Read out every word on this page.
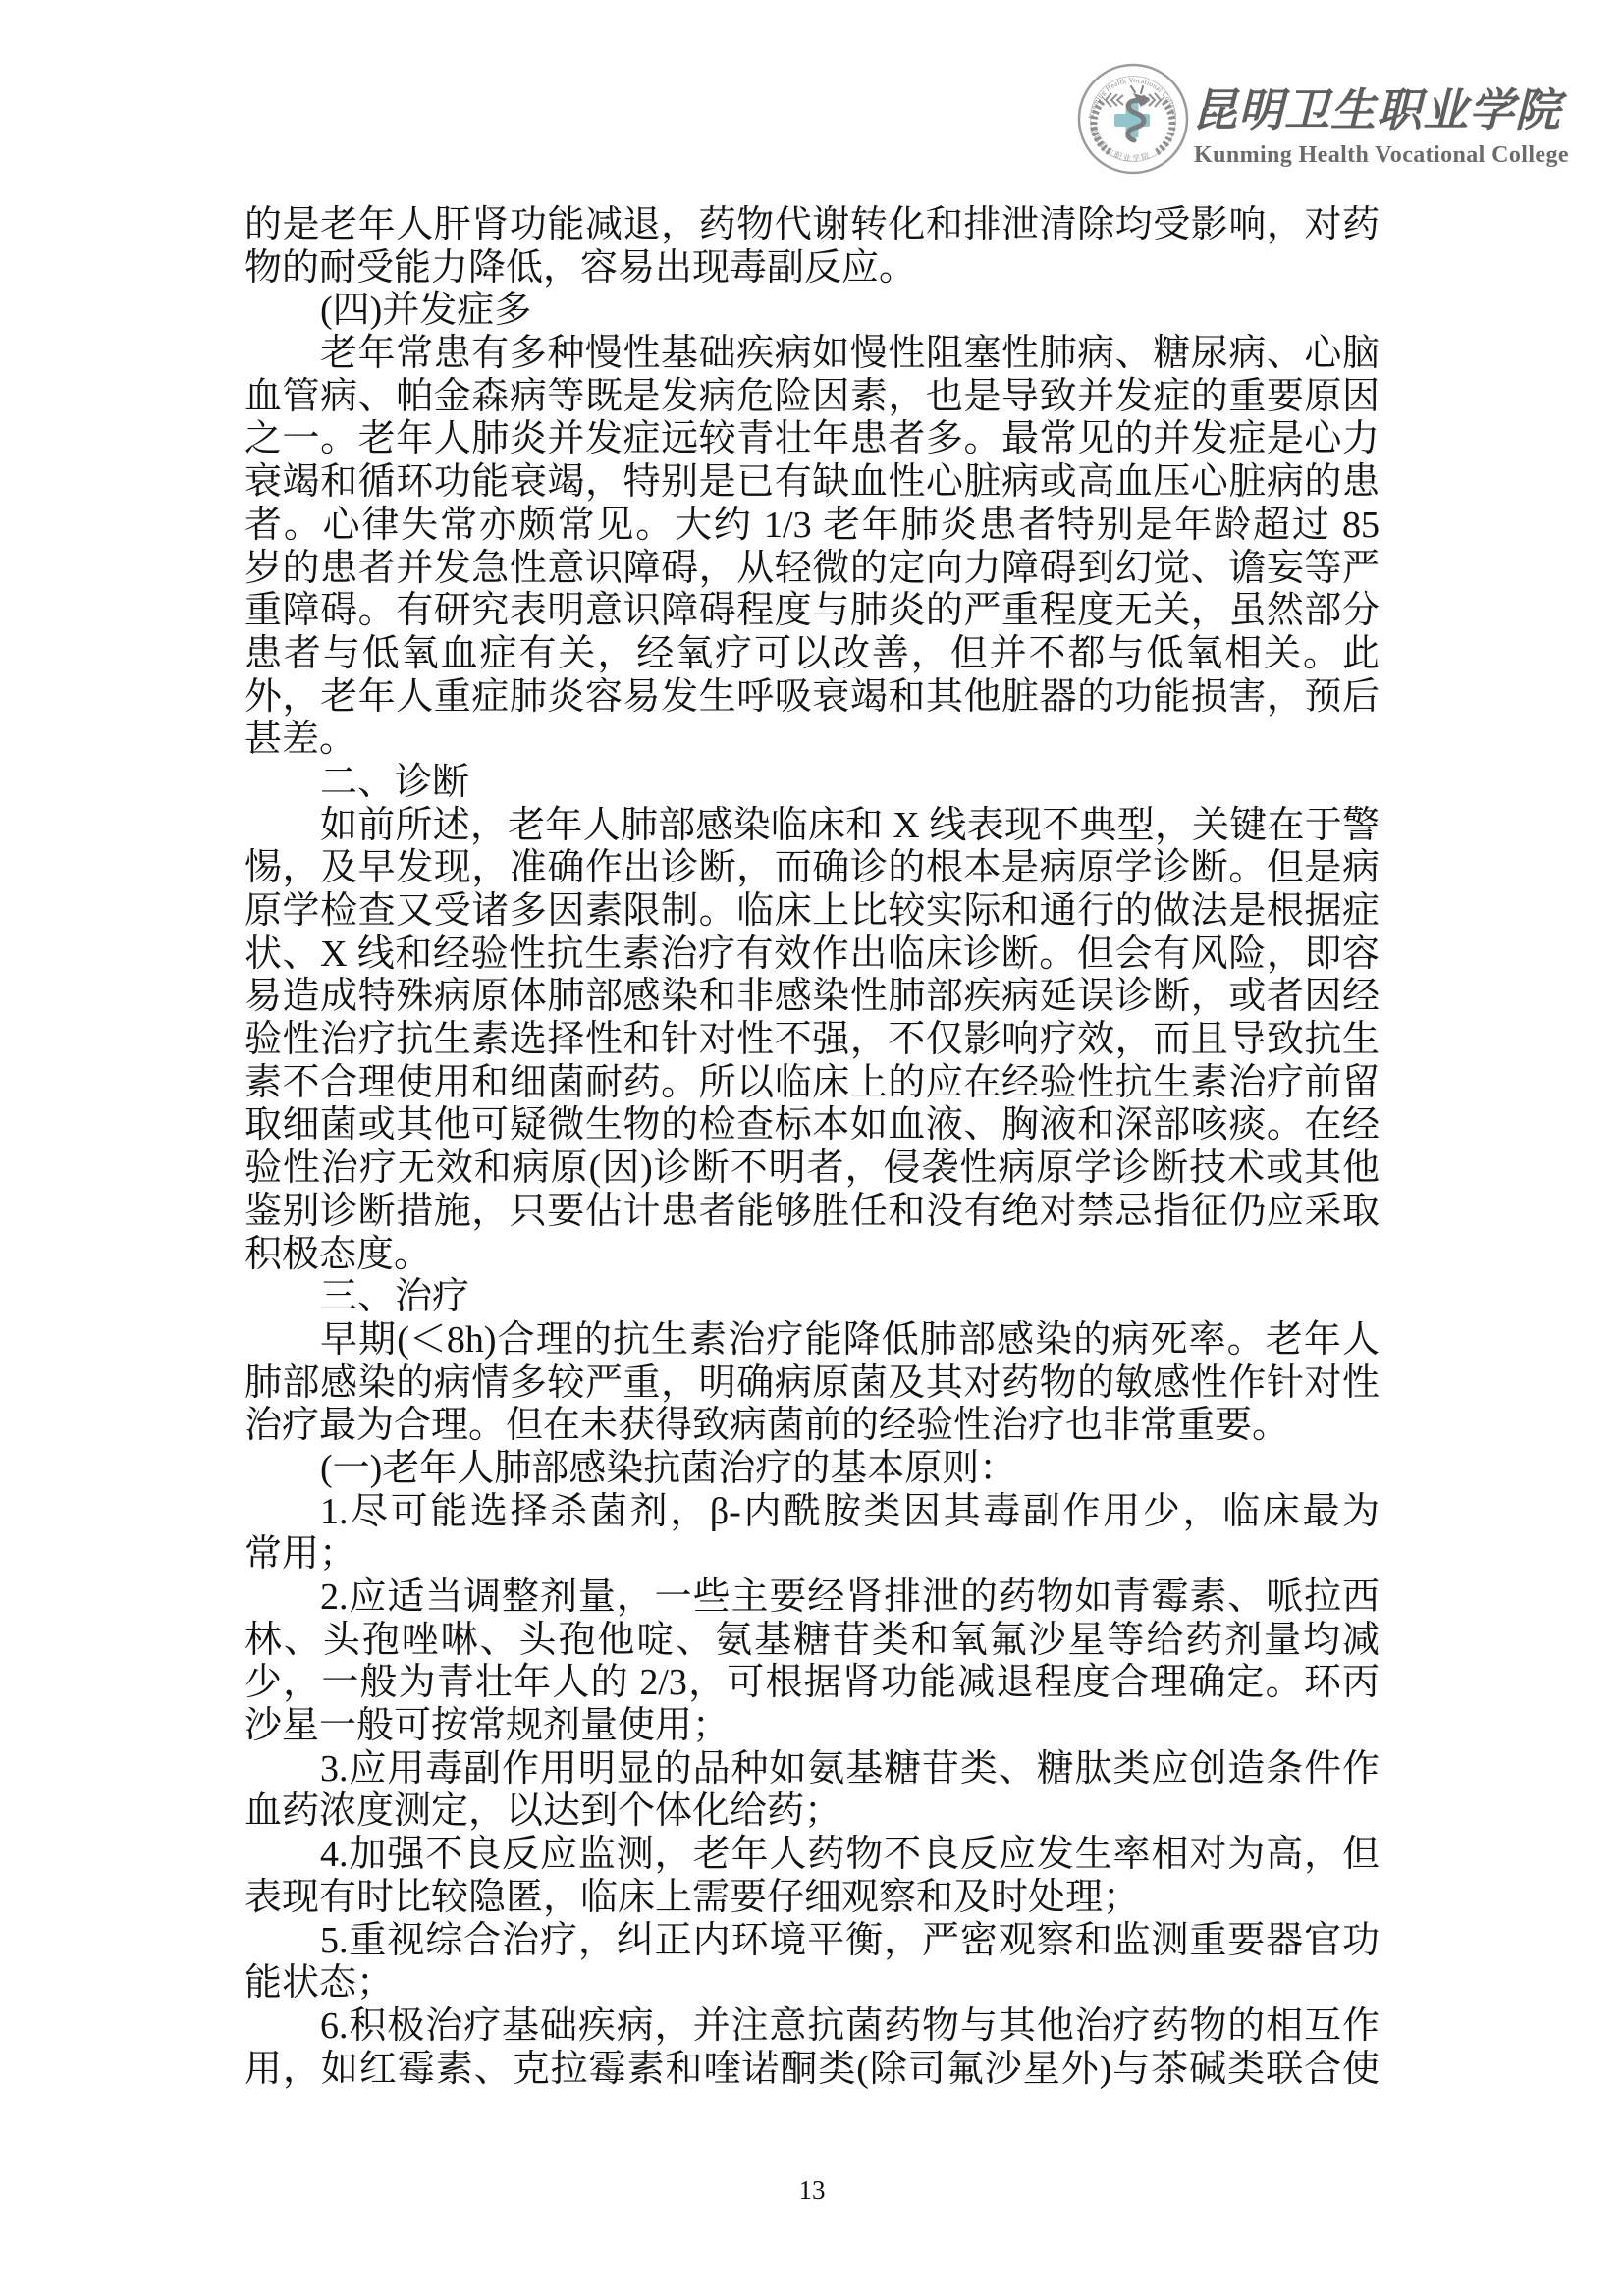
Kunming Health Vocational College
昆明卫生职业学院
昆明卫生职业学院
Kunming Health Vocational College
的是老年人肝肾功能减退，药物代谢转化和排泄清除均受影响，对药
物的耐受能力降低，容易出现毒副反应。
(四)并发症多
老年常患有多种慢性基础疾病如慢性阻塞性肺病、糖尿病、心脑
血管病、帕金森病等既是发病危险因素，也是导致并发症的重要原因
之一。老年人肺炎并发症远较青壮年患者多。最常见的并发症是心力
衰竭和循环功能衰竭，特别是已有缺血性心脏病或高血压心脏病的患
者。心律失常亦颇常见。大约 1/3 老年肺炎患者特别是年龄超过 85
岁的患者并发急性意识障碍，从轻微的定向力障碍到幻觉、谵妄等严
重障碍。有研究表明意识障碍程度与肺炎的严重程度无关，虽然部分
患者与低氧血症有关，经氧疗可以改善，但并不都与低氧相关。此
外，老年人重症肺炎容易发生呼吸衰竭和其他脏器的功能损害，预后
甚差。
二、诊断
如前所述，老年人肺部感染临床和 X 线表现不典型，关键在于警
惕，及早发现，准确作出诊断，而确诊的根本是病原学诊断。但是病
原学检查又受诸多因素限制。临床上比较实际和通行的做法是根据症
状、X 线和经验性抗生素治疗有效作出临床诊断。但会有风险，即容
易造成特殊病原体肺部感染和非感染性肺部疾病延误诊断，或者因经
验性治疗抗生素选择性和针对性不强，不仅影响疗效，而且导致抗生
素不合理使用和细菌耐药。所以临床上的应在经验性抗生素治疗前留
取细菌或其他可疑微生物的检查标本如血液、胸液和深部咳痰。在经
验性治疗无效和病原(因)诊断不明者，侵袭性病原学诊断技术或其他
鉴别诊断措施，只要估计患者能够胜任和没有绝对禁忌指征仍应采取
积极态度。
三、治疗
早期(＜8h)合理的抗生素治疗能降低肺部感染的病死率。老年人
肺部感染的病情多较严重，明确病原菌及其对药物的敏感性作针对性
治疗最为合理。但在未获得致病菌前的经验性治疗也非常重要。
(一)老年人肺部感染抗菌治疗的基本原则：
1.尽可能选择杀菌剂，β-内酰胺类因其毒副作用少，临床最为
常用；
2.应适当调整剂量，一些主要经肾排泄的药物如青霉素、哌拉西
林、头孢唑啉、头孢他啶、氨基糖苷类和氧氟沙星等给药剂量均减
少，一般为青壮年人的 2/3，可根据肾功能减退程度合理确定。环丙
沙星一般可按常规剂量使用；
3.应用毒副作用明显的品种如氨基糖苷类、糖肽类应创造条件作
血药浓度测定，以达到个体化给药；
4.加强不良反应监测，老年人药物不良反应发生率相对为高，但
表现有时比较隐匿，临床上需要仔细观察和及时处理；
5.重视综合治疗，纠正内环境平衡，严密观察和监测重要器官功
能状态；
6.积极治疗基础疾病，并注意抗菌药物与其他治疗药物的相互作
用，如红霉素、克拉霉素和喹诺酮类(除司氟沙星外)与茶碱类联合使
13
